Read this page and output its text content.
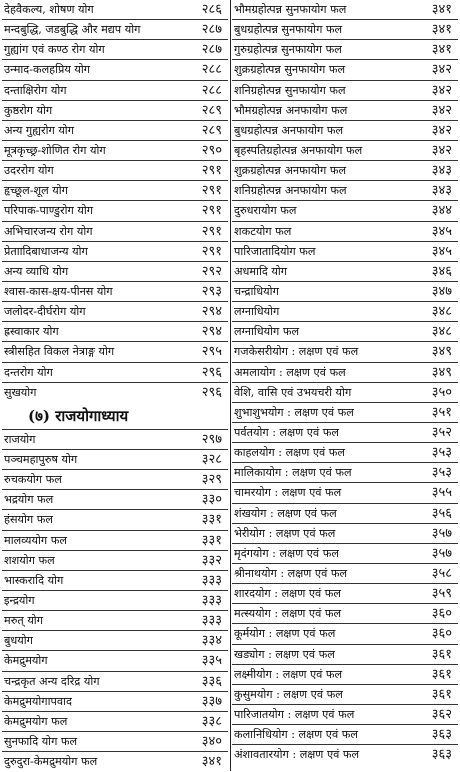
देहवैकल्य, शोषण योग	२८६
मन्दबुद्धि, जडबुद्धि और मद्यप योग	२८७
गुह्यांग एवं कण्ठ रोग योग	२८७
उन्माद-कलहप्रिय योग	२८८
दन्ताक्षिरोग योग	२८८
कुष्ठरोग योग	२८९
अन्य गुह्यरोग योग	२८९
मूत्रकृच्छ्र-शोणित रोग योग	२९०
उदररोग योग	२९१
हृच्छूल-शूल योग	२९१
परिपाक-पाण्डुरोग योग	२९१
अभिचारजन्य रोग योग	२९१
प्रेताादिबाधाजन्य योग	२९१
अन्य व्याधि योग	२९२
श्वास-कास-क्षय-पीनस योग	२९३
जलोदर-दीर्घरोग योग	२९४
ह्रस्वाकार योग	२९४
स्त्रीसहित विकल नेत्राङ्ग योग	२९५
दन्तरोग योग	२९६
सुखयोग	२९६
(७) राजयोगाध्याय
राजयोग	२९७
पञ्चमहापुरुष योग	३२८
रुचकयोग फल	३२९
भद्रयोग फल	३३०
हंसयोग फल	३३१
मालव्ययोग फल	३३१
शशयोग फल	३३२
भास्करादि योग	३३३
इन्द्रयोग	३३३
मरुत् योग	३३३
बुधयोग	३३४
केमद्रुमयोग	३३५
चन्द्रकृत अन्य दरिद्र योग	३३६
केमद्रुमयोगापवाद	३३७
केमद्रुमयोग फल	३३८
सुनफादि योग फल	३४०
दुरुदुरा-केमद्रुमयोग फल	३४१
भौमग्रहोत्पन्न सुनफायोग फल	३४१
बुधग्रहोत्पन्न सुनफायोग फल	३४१
गुरुग्रहोत्पन्न सुनफायोग फल	३४१
शुक्रग्रहोत्पन्न सुनफायोग फल	३४२
शनिग्रहोत्पन्न सुनफायोग फल	३४२
भौमग्रहोत्पन्न अनफायोग फल	३४२
बुधग्रहोत्पन्न अनफायोग फल	३४२
बृहस्पतिग्रहोत्पन्न अनफायोग फल	३४२
शुक्रग्रहोत्पन्न अनफायोग फल	३४३
शनिग्रहोत्पन्न अनफायोग फल	३४३
दुरुधरायोग फल	३४४
शकटयोग फल	३४५
पारिजातादियोग फल	३४५
अधमादि योग	३४६
चन्द्राधियोग	३४७
लग्नाधियोग	३४८
लग्नाधियोग फल	३४८
गजकेसरीयोग : लक्षण एवं फल	३४९
अमलायोग : लक्षण एवं फल	३४९
वेशि, वासि एवं उभयचरी योग	३५०
शुभाशुभयोग : लक्षण एवं फल	३५१
पर्वतयोग : लक्षण एवं फल	३५२
काहलयोग : लक्षण एवं फल	३५३
मालिकायोग : लक्षण एवं फल	३५३
चामरयोग : लक्षण एवं फल	३५५
शंखयोग : लक्षण एवं फल	३५६
भेरीयोग : लक्षण एवं फल	३५७
मृदंगयोग : लक्षण एवं फल	३५७
श्रीनाथयोग : लक्षण एवं फल	३५८
शारदयोग : लक्षण एवं फल	३५९
मत्स्ययोग : लक्षण एवं फल	३६०
कूर्मयोग : लक्षण एवं फल	३६०
खड्योग : लक्षण एवं फल	३६१
लक्ष्मीयोग : लक्षण एवं फल	३६१
कुसुमयोग : लक्षण एवं फल	३६१
पारिजातयोग : लक्षण एवं फल	३६२
कलानिधियोग : लक्षण एवं फल	३६३
अंशावतारयोग : लक्षण एवं फल	३६३
